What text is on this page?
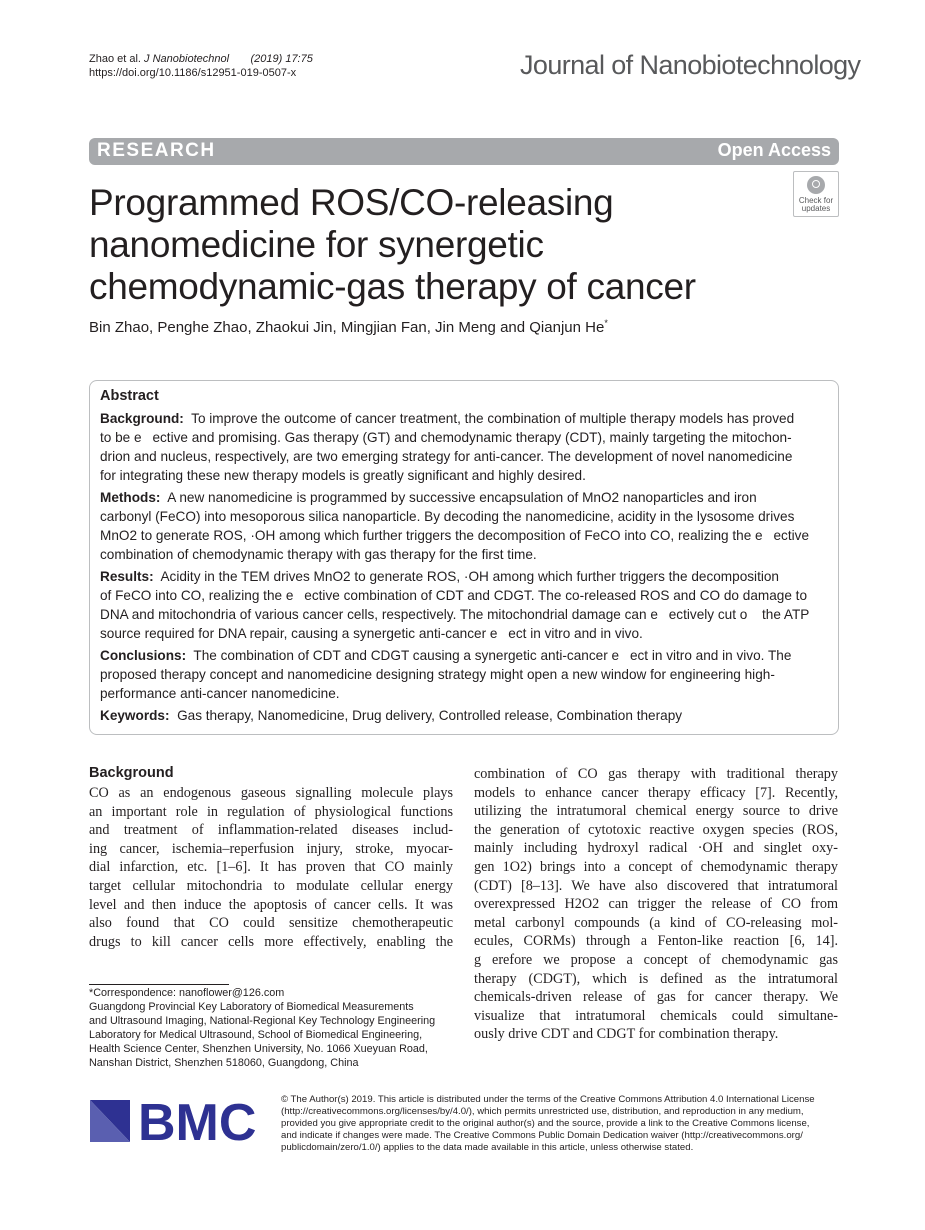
Zhao et al. J Nanobiotechnol (2019) 17:75
https://doi.org/10.1186/s12951-019-0507-x	Journal of Nanobiotechnology
RESEARCH	Open Access
Check for
updates
Programmed ROS/CO-releasing
nanomedicine for synergetic
chemodynamic-gas therapy of cancer
Bin Zhao, Penghe Zhao, Zhaokui Jin, Mingjian Fan, Jin Meng and Qianjun He*
Abstract
Background: To improve the outcome of cancer treatment, the combination of multiple therapy models has proved
to be eective and promising. Gas therapy (GT) and chemodynamic therapy (CDT), mainly targeting the mitochon-
drion and nucleus, respectively, are two emerging strategy for anti-cancer. The development of novel nanomedicine
for integrating these new therapy models is greatly significant and highly desired.
Methods: A new nanomedicine is programmed by successive encapsulation of MnO2 nanoparticles and iron
carbonyl (FeCO) into mesoporous silica nanoparticle. By decoding the nanomedicine, acidity in the lysosome drives
MnO2 to generate ROS, ·OH among which further triggers the decomposition of FeCO into CO, realizing the eective
combination of chemodynamic therapy with gas therapy for the first time.
Results: Acidity in the TEM drives MnO2 to generate ROS, ·OH among which further triggers the decomposition
of FeCO into CO, realizing the eective combination of CDT and CDGT. The co-released ROS and CO do damage to
DNA and mitochondria of various cancer cells, respectively. The mitochondrial damage can eectively cut o the ATP
source required for DNA repair, causing a synergetic anti-cancer eect in vitro and in vivo.
Conclusions: The combination of CDT and CDGT causing a synergetic anti-cancer eect in vitro and in vivo. The
proposed therapy concept and nanomedicine designing strategy might open a new window for engineering high-
performance anti-cancer nanomedicine.
Keywords: Gas therapy, Nanomedicine, Drug delivery, Controlled release, Combination therapy
Background
CO as an endogenous gaseous signalling molecule plays
an important role in regulation of physiological functions
and treatment of inflammation-related diseases includ-
ing cancer, ischemia–reperfusion injury, stroke, myocar-
dial infarction, etc. [1–6]. It has proven that CO mainly
target cellular mitochondria to modulate cellular energy
level and then induce the apoptosis of cancer cells. It was
also found that CO could sensitize chemotherapeutic
drugs to kill cancer cells more effectively, enabling the
combination of CO gas therapy with traditional therapy
models to enhance cancer therapy efficacy [7]. Recently,
utilizing the intratumoral chemical energy source to drive
the generation of cytotoxic reactive oxygen species (ROS,
mainly including hydroxyl radical ·OH and singlet oxy-
gen 1O2) brings into a concept of chemodynamic therapy
(CDT) [8–13]. We have also discovered that intratumoral
overexpressed H2O2 can trigger the release of CO from
metal carbonyl compounds (a kind of CO-releasing mol-
ecules, CORMs) through a Fenton-like reaction [6, 14].
g erefore we propose a concept of chemodynamic gas
therapy (CDGT), which is defined as the intratumoral
chemicals-driven release of gas for cancer therapy. We
visualize that intratumoral chemicals could simultane-
ously drive CDT and CDGT for combination therapy.
*Correspondence: nanoflower@126.com
Guangdong Provincial Key Laboratory of Biomedical Measurements
and Ultrasound Imaging, National-Regional Key Technology Engineering
Laboratory for Medical Ultrasound, School of Biomedical Engineering,
Health Science Center, Shenzhen University, No. 1066 Xueyuan Road,
Nanshan District, Shenzhen 518060, Guangdong, China
BMC	© The Author(s) 2019. This article is distributed under the terms of the Creative Commons Attribution 4.0 International License
(http://creativecommons.org/licenses/by/4.0/), which permits unrestricted use, distribution, and reproduction in any medium,
provided you give appropriate credit to the original author(s) and the source, provide a link to the Creative Commons license,
and indicate if changes were made. The Creative Commons Public Domain Dedication waiver (http://creativecommons.org/
publicdomain/zero/1.0/) applies to the data made available in this article, unless otherwise stated.
